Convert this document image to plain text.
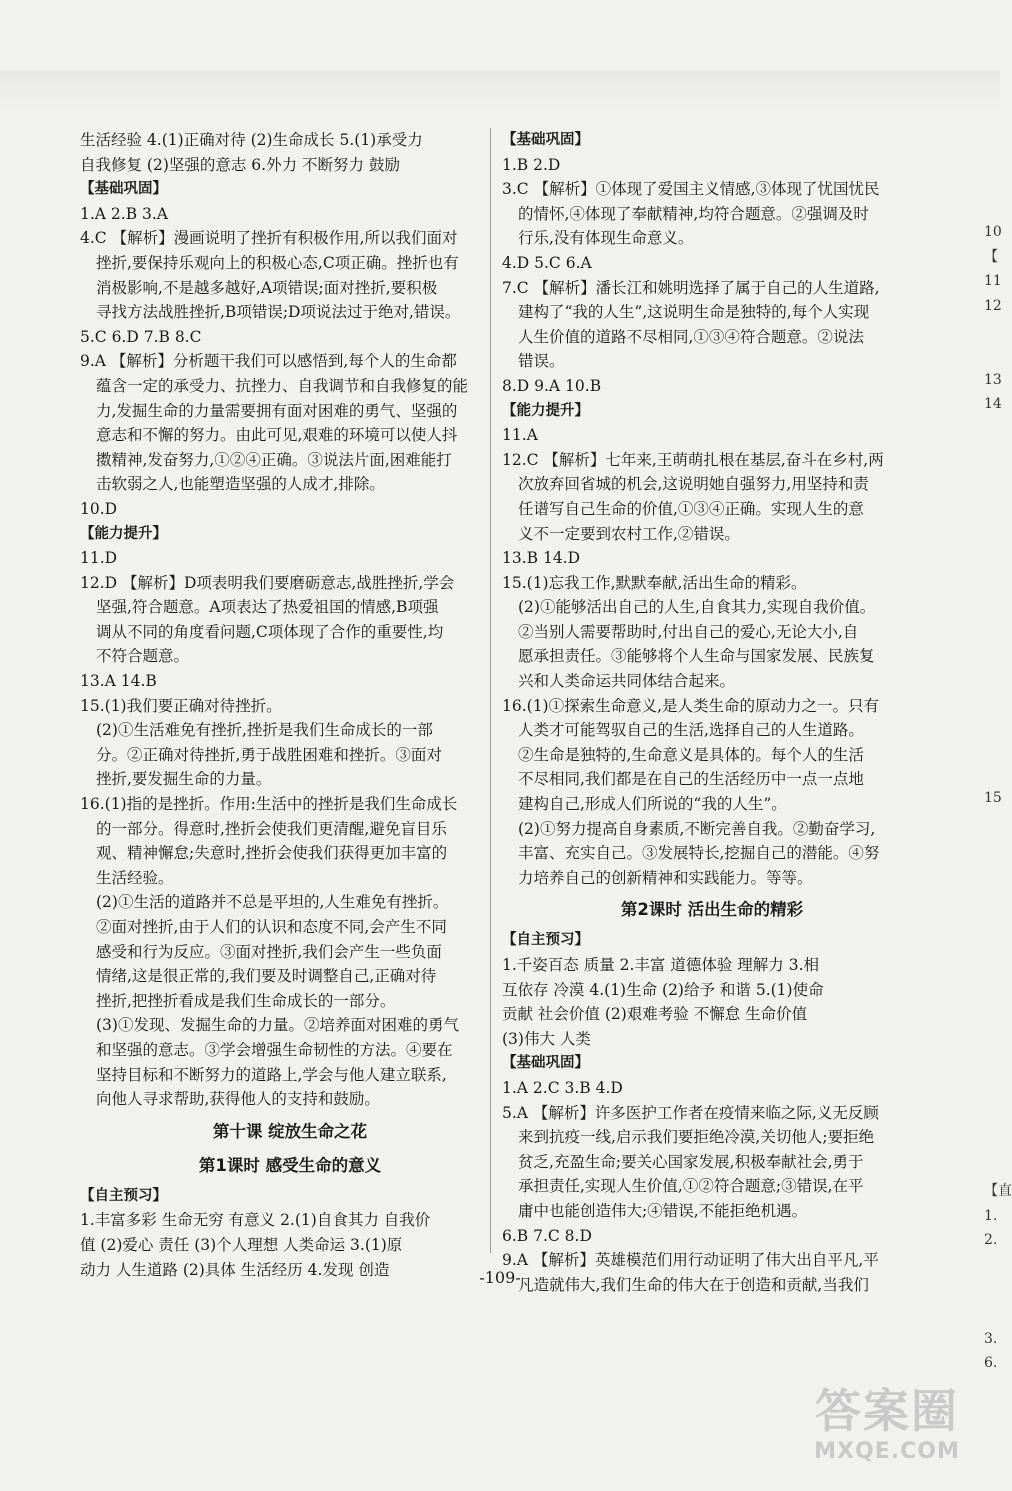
生活经验 4.(1)正确对待 (2)生命成长 5.(1)承受力
自我修复 (2)坚强的意志 6.外力 不断努力 鼓励
【基础巩固】
1.A 2.B 3.A
4.C 【解析】漫画说明了挫折有积极作用,所以我们面对
挫折,要保持乐观向上的积极心态,C项正确。挫折也有
消极影响,不是越多越好,A项错误;面对挫折,要积极
寻找方法战胜挫折,B项错误;D项说法过于绝对,错误。
5.C 6.D 7.B 8.C
9.A 【解析】分析题干我们可以感悟到,每个人的生命都
蕴含一定的承受力、抗挫力、自我调节和自我修复的能
力,发掘生命的力量需要拥有面对困难的勇气、坚强的
意志和不懈的努力。由此可见,艰难的环境可以使人抖
擞精神,发奋努力,①②④正确。③说法片面,困难能打
击软弱之人,也能塑造坚强的人成才,排除。
10.D
【能力提升】
11.D
12.D 【解析】D项表明我们要磨砺意志,战胜挫折,学会
坚强,符合题意。A项表达了热爱祖国的情感,B项强
调从不同的角度看问题,C项体现了合作的重要性,均
不符合题意。
13.A 14.B
15.(1)我们要正确对待挫折。
(2)①生活难免有挫折,挫折是我们生命成长的一部
分。②正确对待挫折,勇于战胜困难和挫折。③面对
挫折,要发掘生命的力量。
16.(1)指的是挫折。作用:生活中的挫折是我们生命成长
的一部分。得意时,挫折会使我们更清醒,避免盲目乐
观、精神懈怠;失意时,挫折会使我们获得更加丰富的
生活经验。
(2)①生活的道路并不总是平坦的,人生难免有挫折。
②面对挫折,由于人们的认识和态度不同,会产生不同
感受和行为反应。③面对挫折,我们会产生一些负面
情绪,这是很正常的,我们要及时调整自己,正确对待
挫折,把挫折看成是我们生命成长的一部分。
(3)①发现、发掘生命的力量。②培养面对困难的勇气
和坚强的意志。③学会增强生命韧性的方法。④要在
坚持目标和不断努力的道路上,学会与他人建立联系,
向他人寻求帮助,获得他人的支持和鼓励。
第十课 绽放生命之花
第1课时 感受生命的意义
【自主预习】
1.丰富多彩 生命无穷 有意义 2.(1)自食其力 自我价
值 (2)爱心 责任 (3)个人理想 人类命运 3.(1)原
动力 人生道路 (2)具体 生活经历 4.发现 创造
【基础巩固】
1.B 2.D
3.C 【解析】①体现了爱国主义情感,③体现了忧国忧民
的情怀,④体现了奉献精神,均符合题意。②强调及时
行乐,没有体现生命意义。
4.D 5.C 6.A
7.C 【解析】潘长江和姚明选择了属于自己的人生道路,
建构了“我的人生”,这说明生命是独特的,每个人实现
人生价值的道路不尽相同,①③④符合题意。②说法
错误。
8.D 9.A 10.B
【能力提升】
11.A
12.C 【解析】七年来,王萌萌扎根在基层,奋斗在乡村,两
次放弃回省城的机会,这说明她自强努力,用坚持和责
任谱写自己生命的价值,①③④正确。实现人生的意
义不一定要到农村工作,②错误。
13.B 14.D
15.(1)忘我工作,默默奉献,活出生命的精彩。
(2)①能够活出自己的人生,自食其力,实现自我价值。
②当别人需要帮助时,付出自己的爱心,无论大小,自
愿承担责任。③能够将个人生命与国家发展、民族复
兴和人类命运共同体结合起来。
16.(1)①探索生命意义,是人类生命的原动力之一。只有
人类才可能驾驭自己的生活,选择自己的人生道路。
②生命是独特的,生命意义是具体的。每个人的生活
不尽相同,我们都是在自己的生活经历中一点一点地
建构自己,形成人们所说的“我的人生”。
(2)①努力提高自身素质,不断完善自我。②勤奋学习,
丰富、充实自己。③发展特长,挖掘自己的潜能。④努
力培养自己的创新精神和实践能力。等等。
第2课时 活出生命的精彩
【自主预习】
1.千姿百态 质量 2.丰富 道德体验 理解力 3.相
互依存 冷漠 4.(1)生命 (2)给予 和谐 5.(1)使命
贡献 社会价值 (2)艰难考验 不懈怠 生命价值
(3)伟大 人类
【基础巩固】
1.A 2.C 3.B 4.D
5.A 【解析】许多医护工作者在疫情来临之际,义无反顾
来到抗疫一线,启示我们要拒绝冷漠,关切他人;要拒绝
贫乏,充盈生命;要关心国家发展,积极奉献社会,勇于
承担责任,实现人生价值,①②符合题意;③错误,在平
庸中也能创造伟大;④错误,不能拒绝机遇。
6.B 7.C 8.D
9.A 【解析】英雄模范们用行动证明了伟大出自平凡,平
凡造就伟大,我们生命的伟大在于创造和贡献,当我们
10
【
11
12
13
14
15
【直
1.
2.
3.
6.
-109-
答案圈
MXQE.COM
